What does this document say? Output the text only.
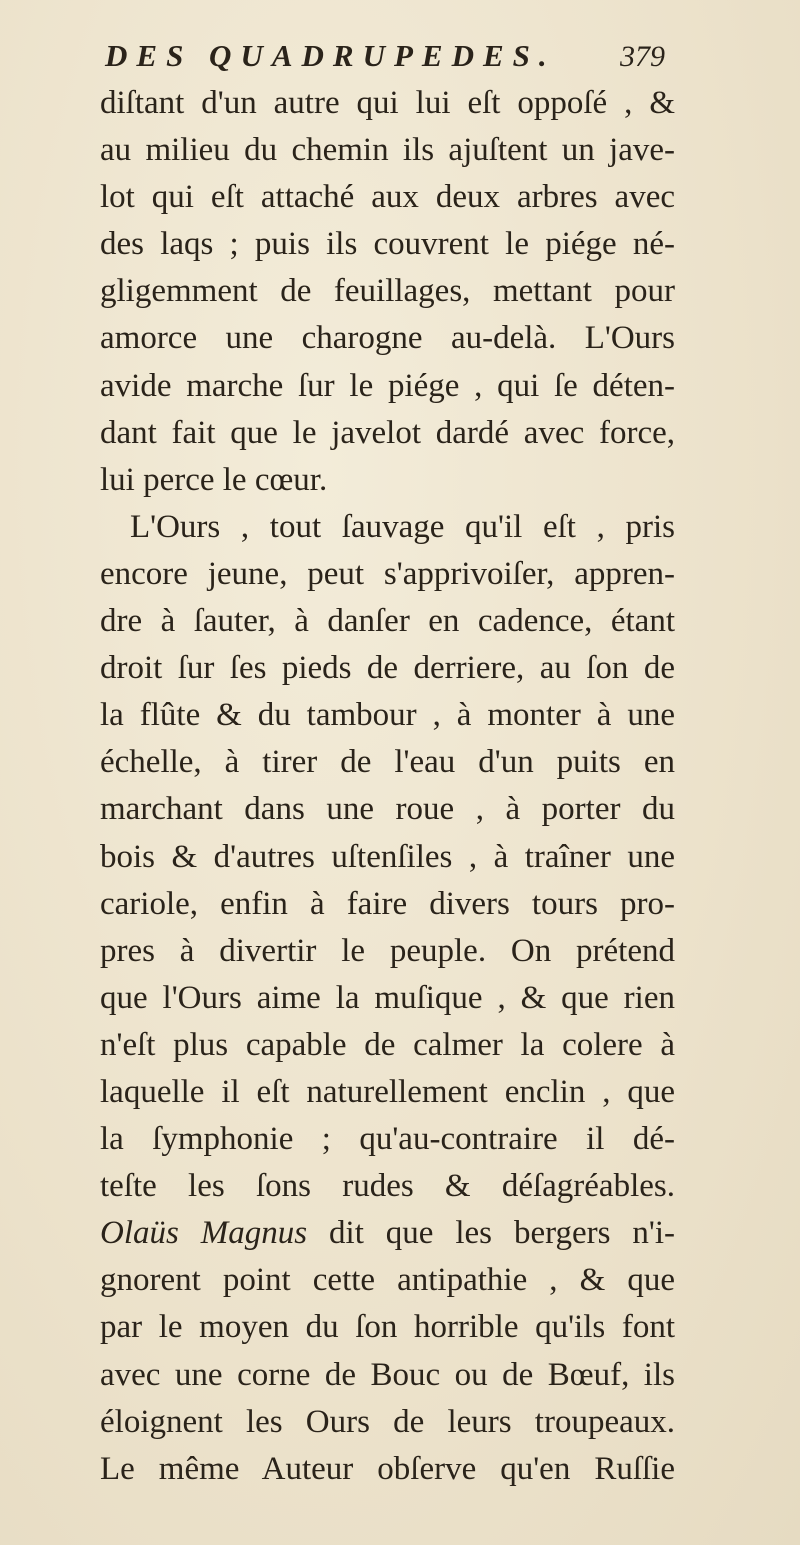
DES QUADRUPEDES. 379
diſtant d'un autre qui lui eſt oppoſé , &
au milieu du chemin ils ajuſtent un jave-
lot qui eſt attaché aux deux arbres avec
des laqs ; puis ils couvrent le piége né-
gligemment de feuillages, mettant pour
amorce une charogne au-delà. L'Ours
avide marche ſur le piége , qui ſe déten-
dant fait que le javelot dardé avec force,
lui perce le cœur.
L'Ours , tout ſauvage qu'il eſt , pris
encore jeune, peut s'apprivoiſer, appren-
dre à ſauter, à danſer en cadence, étant
droit ſur ſes pieds de derriere, au ſon de
la flûte & du tambour , à monter à une
échelle, à tirer de l'eau d'un puits en
marchant dans une roue , à porter du
bois & d'autres uſtenſiles , à traîner une
cariole, enfin à faire divers tours pro-
pres à divertir le peuple. On prétend
que l'Ours aime la muſique , & que rien
n'eſt plus capable de calmer la colere à
laquelle il eſt naturellement enclin , que
la ſymphonie ; qu'au-contraire il dé-
teſte les ſons rudes & déſagréables.
Olaüs Magnus dit que les bergers n'i-
gnorent point cette antipathie , & que
par le moyen du ſon horrible qu'ils font
avec une corne de Bouc ou de Bœuf, ils
éloignent les Ours de leurs troupeaux.
Le même Auteur obſerve qu'en Ruſſie
